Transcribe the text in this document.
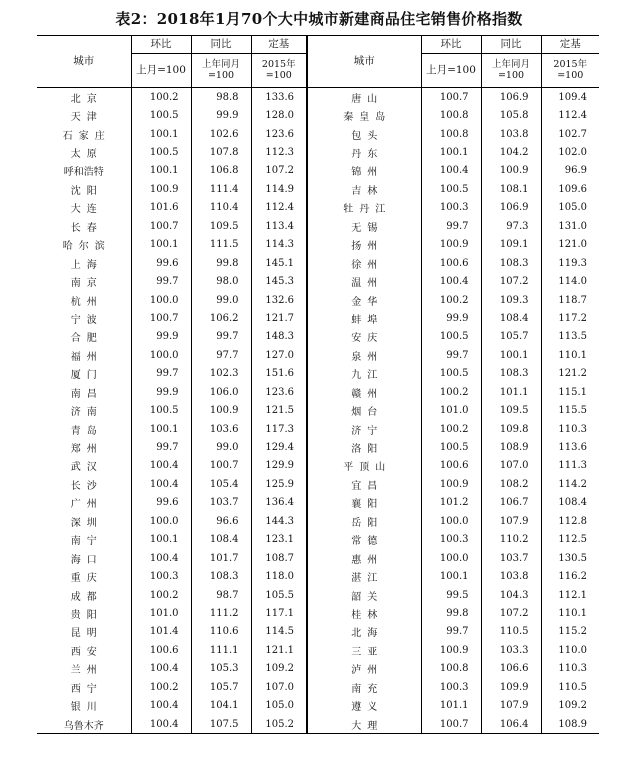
表2：2018年1月70个大中城市新建商品住宅销售价格指数
城市	环比	同比	定基	城市	环比	同比	定基
	上月=100	上年同月=100	2015年=100		上月=100	上年同月=100	2015年=100
北京	100.2	98.8	133.6	唐山	100.7	106.9	109.4
天津	100.5	99.9	128.0	秦皇岛	100.8	105.8	112.4
石家庄	100.1	102.6	123.6	包头	100.8	103.8	102.7
太原	100.5	107.8	112.3	丹东	100.1	104.2	102.0
呼和浩特	100.1	106.8	107.2	锦州	100.4	100.9	96.9
沈阳	100.9	111.4	114.9	吉林	100.5	108.1	109.6
大连	101.6	110.4	112.4	牡丹江	100.3	106.9	105.0
长春	100.7	109.5	113.4	无锡	99.7	97.3	131.0
哈尔滨	100.1	111.5	114.3	扬州	100.9	109.1	121.0
上海	99.6	99.8	145.1	徐州	100.6	108.3	119.3
南京	99.7	98.0	145.3	温州	100.4	107.2	114.0
杭州	100.0	99.0	132.6	金华	100.2	109.3	118.7
宁波	100.7	106.2	121.7	蚌埠	99.9	108.4	117.2
合肥	99.9	99.7	148.3	安庆	100.5	105.7	113.5
福州	100.0	97.7	127.0	泉州	99.7	100.1	110.1
厦门	99.7	102.3	151.6	九江	100.5	108.3	121.2
南昌	99.9	106.0	123.6	赣州	100.2	101.1	115.1
济南	100.5	100.9	121.5	烟台	101.0	109.5	115.5
青岛	100.1	103.6	117.3	济宁	100.2	109.8	110.3
郑州	99.7	99.0	129.4	洛阳	100.5	108.9	113.6
武汉	100.4	100.7	129.9	平顶山	100.6	107.0	111.3
长沙	100.4	105.4	125.9	宜昌	100.9	108.2	114.2
广州	99.6	103.7	136.4	襄阳	101.2	106.7	108.4
深圳	100.0	96.6	144.3	岳阳	100.0	107.9	112.8
南宁	100.1	108.4	123.1	常德	100.3	110.2	112.5
海口	100.4	101.7	108.7	惠州	100.0	103.7	130.5
重庆	100.3	108.3	118.0	湛江	100.1	103.8	116.2
成都	100.2	98.7	105.5	韶关	99.5	104.3	112.1
贵阳	101.0	111.2	117.1	桂林	99.8	107.2	110.1
昆明	101.4	110.6	114.5	北海	99.7	110.5	115.2
西安	100.6	111.1	121.1	三亚	100.9	103.3	110.0
兰州	100.4	105.3	109.2	泸州	100.8	106.6	110.3
西宁	100.2	105.7	107.0	南充	100.3	109.9	110.5
银川	100.4	104.1	105.0	遵义	101.1	107.9	109.2
乌鲁木齐	100.4	107.5	105.2	大理	100.7	106.4	108.9
